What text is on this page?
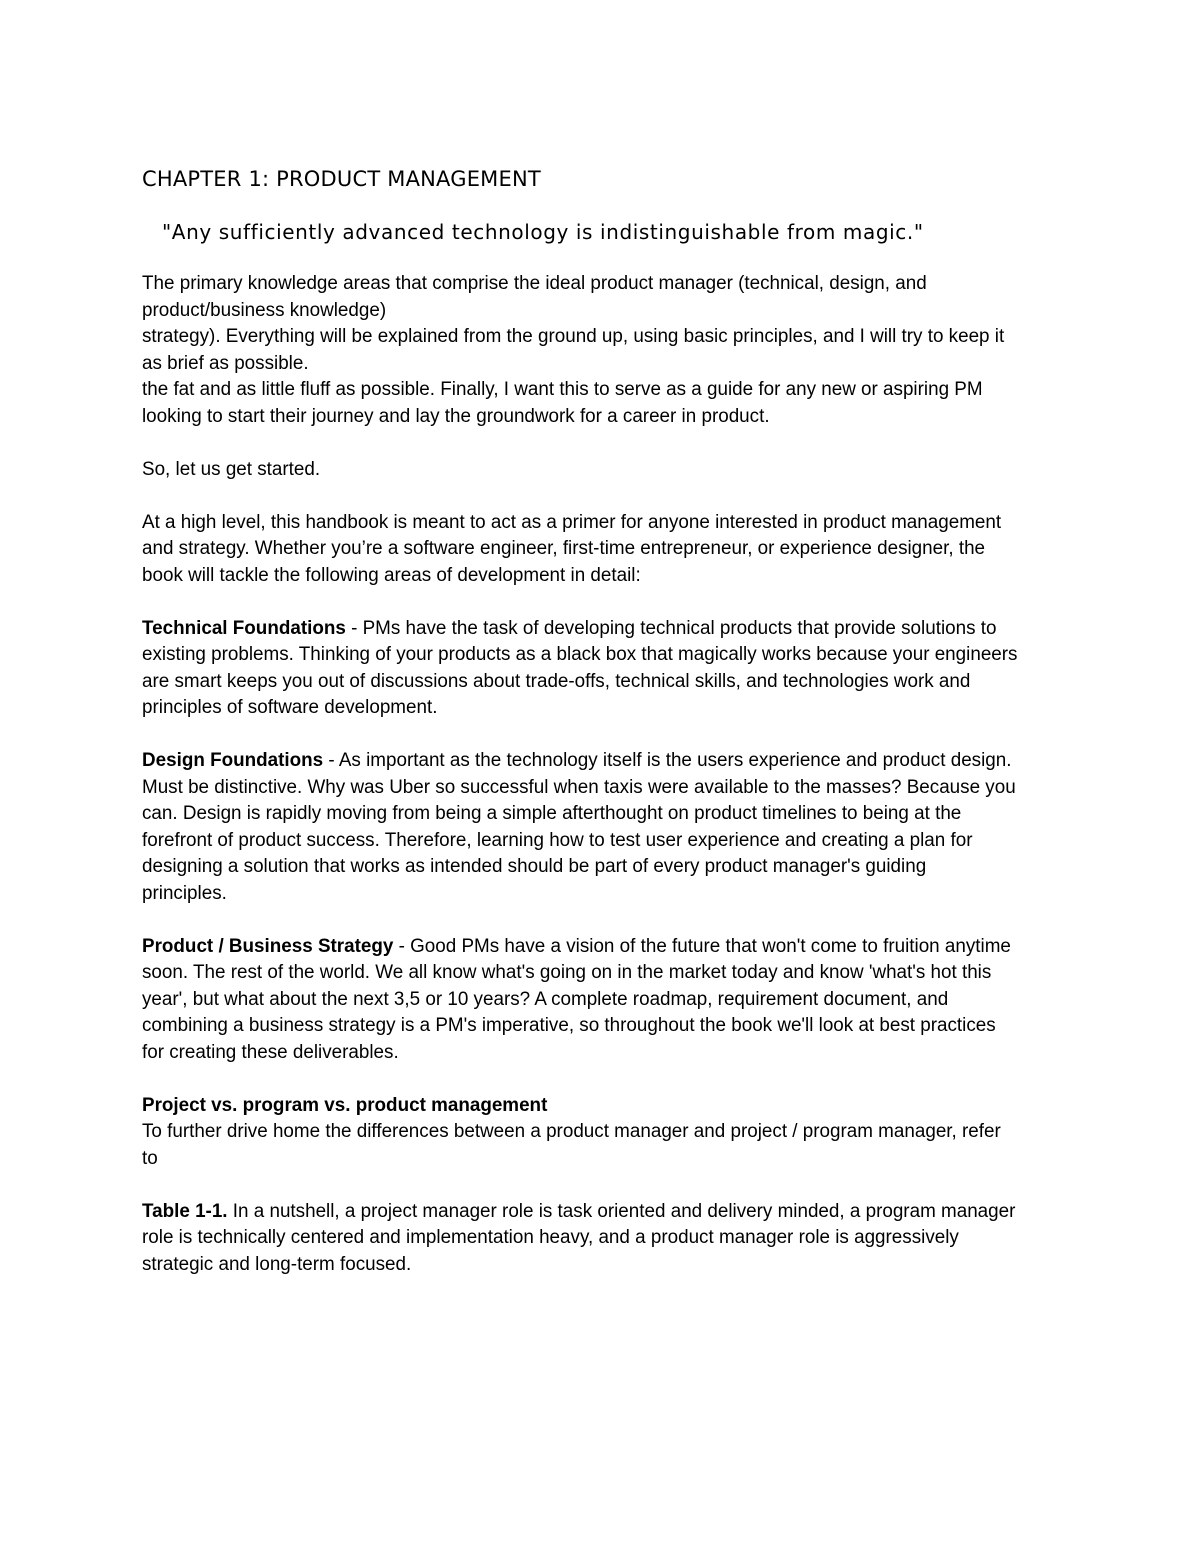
CHAPTER 1: PRODUCT MANAGEMENT
"Any sufficiently advanced technology is indistinguishable from magic."
The primary knowledge areas that comprise the ideal product manager (technical, design, and
product/business knowledge)
strategy). Everything will be explained from the ground up, using basic principles, and I will try to keep it
as brief as possible.
the fat and as little fluff as possible. Finally, I want this to serve as a guide for any new or aspiring PM
looking to start their journey and lay the groundwork for a career in product.
So, let us get started.
At a high level, this handbook is meant to act as a primer for anyone interested in product management
and strategy. Whether you’re a software engineer, first-time entrepreneur, or experience designer, the
book will tackle the following areas of development in detail:
Technical Foundations - PMs have the task of developing technical products that provide solutions to
existing problems. Thinking of your products as a black box that magically works because your engineers
are smart keeps you out of discussions about trade-offs, technical skills, and technologies work and
principles of software development.
Design Foundations - As important as the technology itself is the users experience and product design.
Must be distinctive. Why was Uber so successful when taxis were available to the masses? Because you
can. Design is rapidly moving from being a simple afterthought on product timelines to being at the
forefront of product success. Therefore, learning how to test user experience and creating a plan for
designing a solution that works as intended should be part of every product manager's guiding
principles.
Product / Business Strategy - Good PMs have a vision of the future that won't come to fruition anytime
soon. The rest of the world. We all know what's going on in the market today and know 'what's hot this
year', but what about the next 3,5 or 10 years? A complete roadmap, requirement document, and
combining a business strategy is a PM's imperative, so throughout the book we'll look at best practices
for creating these deliverables.
Project vs. program vs. product management
To further drive home the differences between a product manager and project / program manager, refer
to
Table 1-1. In a nutshell, a project manager role is task oriented and delivery minded, a program manager
role is technically centered and implementation heavy, and a product manager role is aggressively
strategic and long-term focused.
